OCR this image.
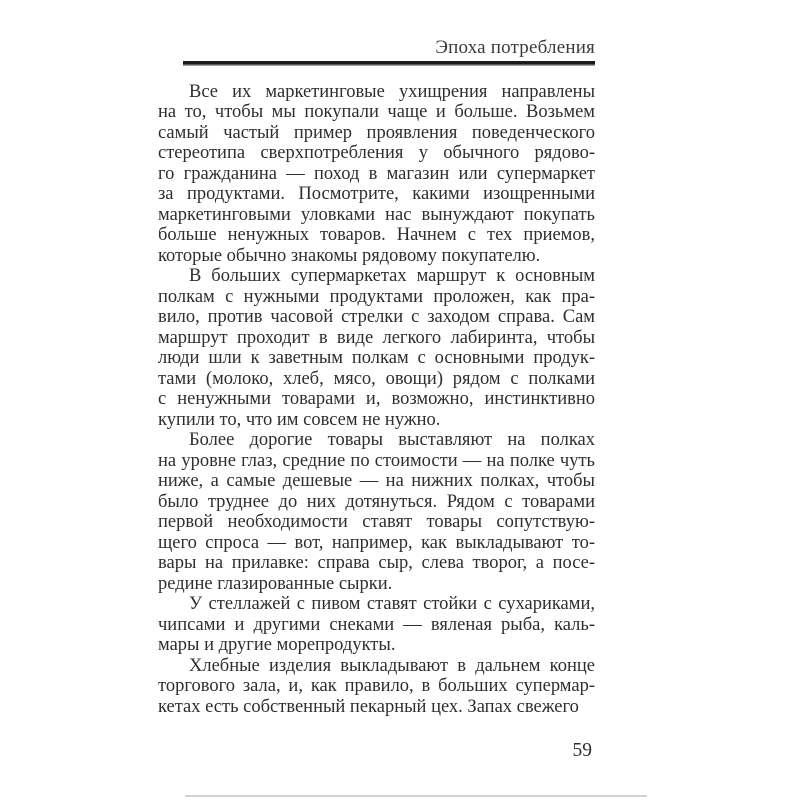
Эпоха потребления
Все их маркетинговые ухищрения направлены
на то, чтобы мы покупали чаще и больше. Возьмем
самый частый пример проявления поведенческого
стереотипа сверхпотребления у обычного рядово-
го гражданина — поход в магазин или супермаркет
за продуктами. Посмотрите, какими изощренными
маркетинговыми уловками нас вынуждают покупать
больше ненужных товаров. Начнем с тех приемов,
которые обычно знакомы рядовому покупателю.
В больших супермаркетах маршрут к основным
полкам с нужными продуктами проложен, как пра-
вило, против часовой стрелки с заходом справа. Сам
маршрут проходит в виде легкого лабиринта, чтобы
люди шли к заветным полкам с основными продук-
тами (молоко, хлеб, мясо, овощи) рядом с полками
с ненужными товарами и, возможно, инстинктивно
купили то, что им совсем не нужно.
Более дорогие товары выставляют на полках
на уровне глаз, средние по стоимости — на полке чуть
ниже, а самые дешевые — на нижних полках, чтобы
было труднее до них дотянуться. Рядом с товарами
первой необходимости ставят товары сопутствую-
щего спроса — вот, например, как выкладывают то-
вары на прилавке: справа сыр, слева творог, а посе-
редине глазированные сырки.
У стеллажей с пивом ставят стойки с сухариками,
чипсами и другими снеками — вяленая рыба, каль-
мары и другие морепродукты.
Хлебные изделия выкладывают в дальнем конце
торгового зала, и, как правило, в больших супермар-
кетах есть собственный пекарный цех. Запах свежего
59
